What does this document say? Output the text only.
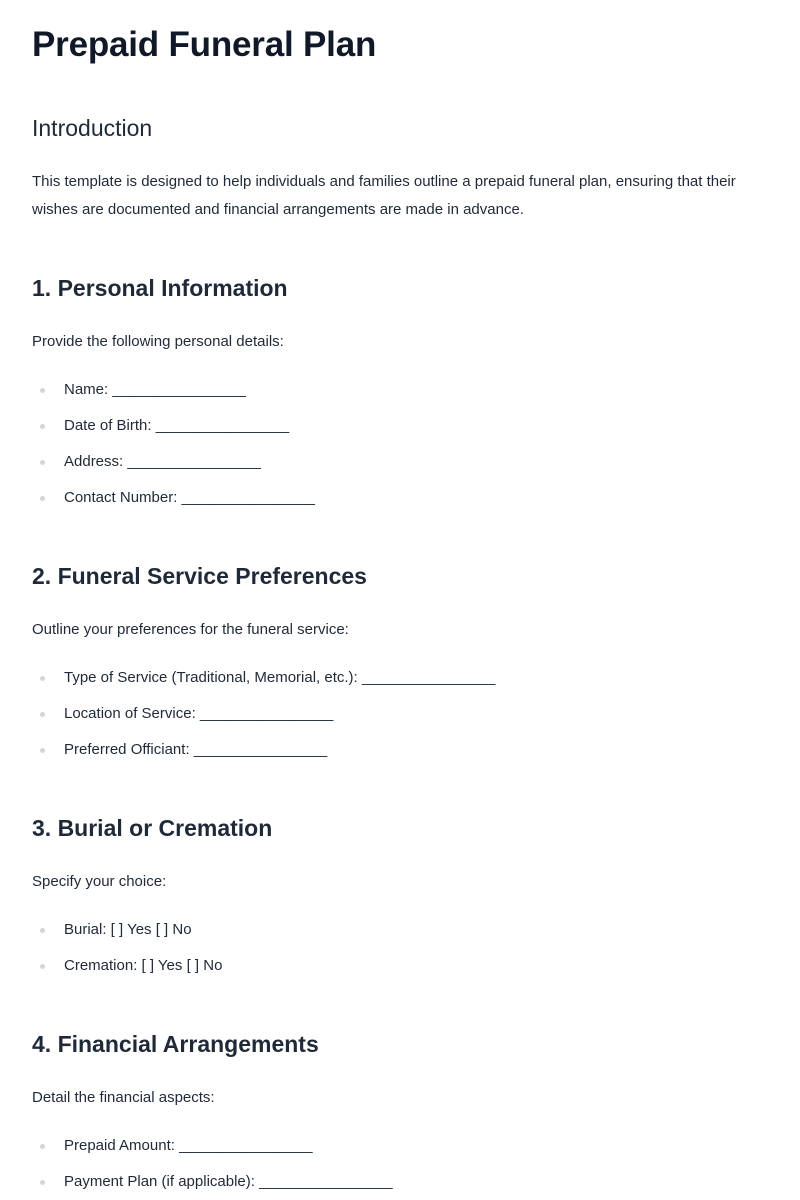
Prepaid Funeral Plan
Introduction

This template is designed to help individuals and families outline a prepaid funeral plan, ensuring that their wishes are documented and financial arrangements are made in advance.

1. Personal Information

Provide the following personal details:

Name: ________________
Date of Birth: ________________
Address: ________________
Contact Number: ________________
2. Funeral Service Preferences

Outline your preferences for the funeral service:

Type of Service (Traditional, Memorial, etc.): ________________
Location of Service: ________________
Preferred Officiant: ________________
3. Burial or Cremation

Specify your choice:

Burial: [ ] Yes [ ] No
Cremation: [ ] Yes [ ] No
4. Financial Arrangements

Detail the financial aspects:

Prepaid Amount: ________________
Payment Plan (if applicable): ________________
